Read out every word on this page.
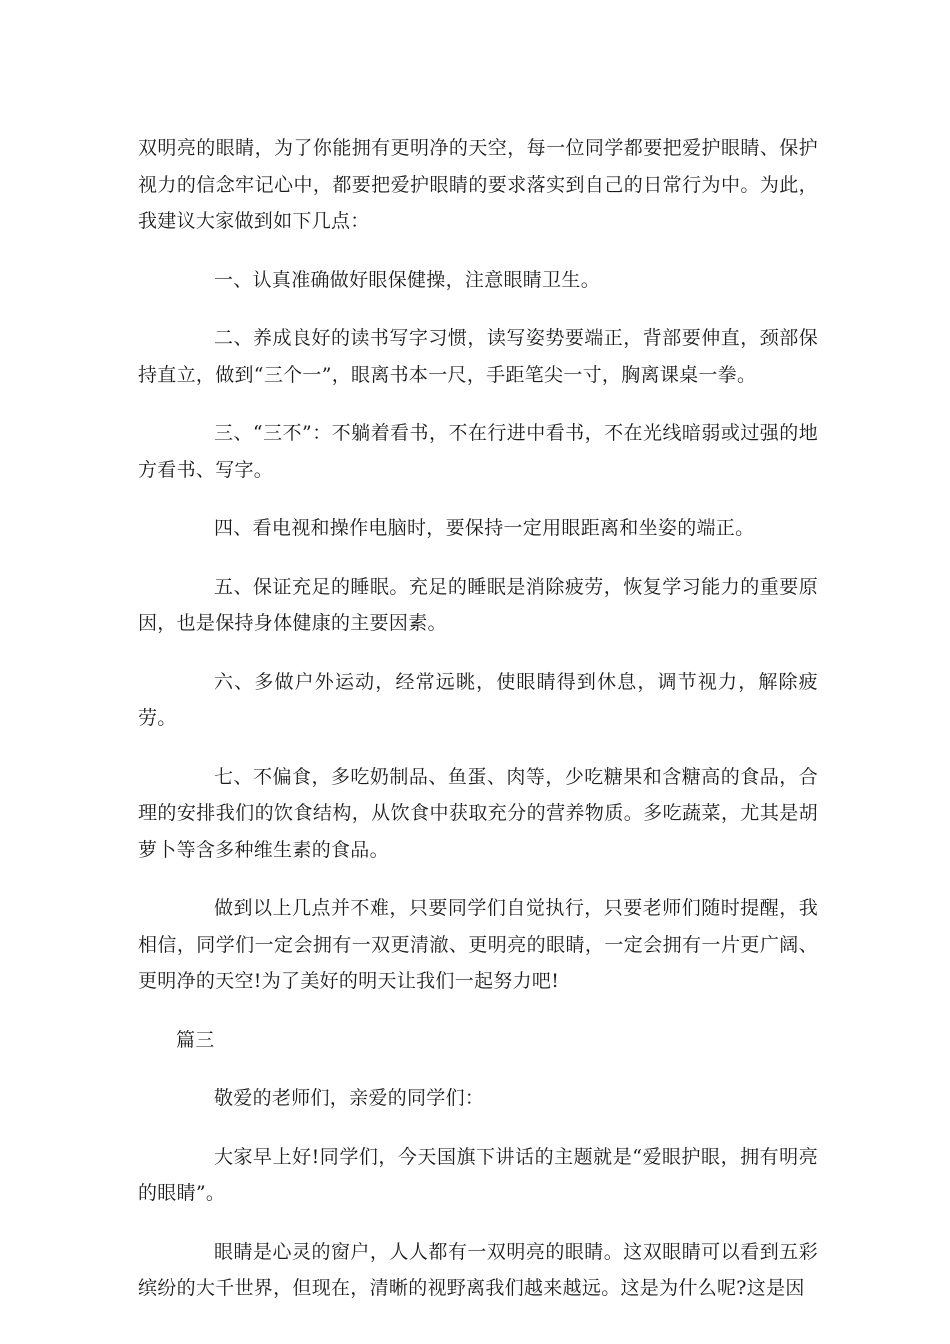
双明亮的眼睛，为了你能拥有更明净的天空，每一位同学都要把爱护眼睛、保护视力的信念牢记心中，都要把爱护眼睛的要求落实到自己的日常行为中。为此，我建议大家做到如下几点：

一、认真准确做好眼保健操，注意眼睛卫生。

二、养成良好的读书写字习惯，读写姿势要端正，背部要伸直，颈部保持直立，做到“三个一”，眼离书本一尺，手距笔尖一寸，胸离课桌一拳。

三、“三不”：不躺着看书，不在行进中看书，不在光线暗弱或过强的地方看书、写字。

四、看电视和操作电脑时，要保持一定用眼距离和坐姿的端正。

五、保证充足的睡眠。充足的睡眠是消除疲劳，恢复学习能力的重要原因，也是保持身体健康的主要因素。

六、多做户外运动，经常远眺，使眼睛得到休息，调节视力，解除疲劳。

七、不偏食，多吃奶制品、鱼蛋、肉等，少吃糖果和含糖高的食品，合理的安排我们的饮食结构，从饮食中获取充分的营养物质。多吃蔬菜，尤其是胡萝卜等含多种维生素的食品。

做到以上几点并不难，只要同学们自觉执行，只要老师们随时提醒，我相信，同学们一定会拥有一双更清澈、更明亮的眼睛，一定会拥有一片更广阔、更明净的天空!为了美好的明天让我们一起努力吧!

篇三

敬爱的老师们，亲爱的同学们：

大家早上好!同学们，今天国旗下讲话的主题就是“爱眼护眼，拥有明亮的眼睛”。

眼睛是心灵的窗户，人人都有一双明亮的眼睛。这双眼睛可以看到五彩缤纷的大千世界，但现在，清晰的视野离我们越来越远。这是为什么呢?这是因
